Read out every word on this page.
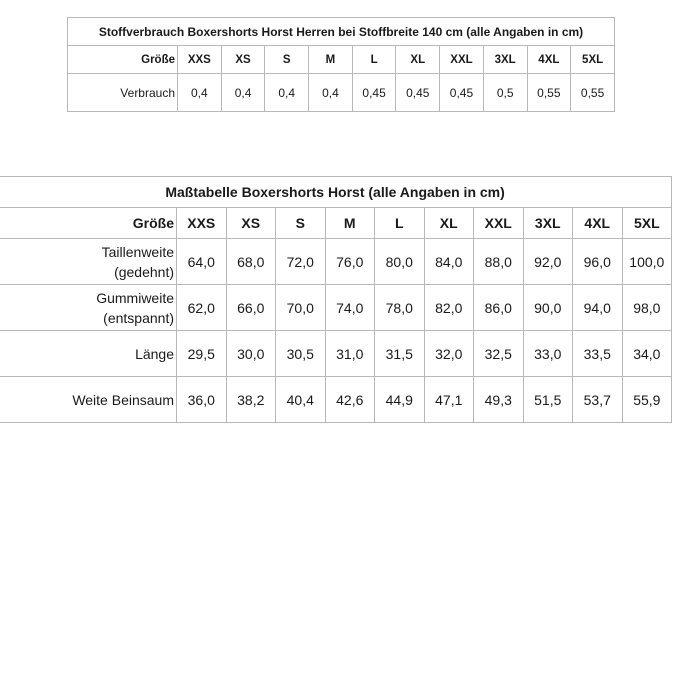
Stoffverbrauch Boxershorts Horst Herren bei Stoffbreite 140 cm (alle Angaben in cm)										
Größe	XXS	XS	S	M	L	XL	XXL	3XL	4XL	5XL
Verbrauch	0,4	0,4	0,4	0,4	0,45	0,45	0,45	0,5	0,55	0,55
Maßtabelle Boxershorts Horst (alle Angaben in cm)										
Größe	XXS	XS	S	M	L	XL	XXL	3XL	4XL	5XL

Taillenweite
(gedehnt)	64,0	68,0	72,0	76,0	80,0	84,0	88,0	92,0	96,0	100,0

Gummiweite
(entspannt)	62,0	66,0	70,0	74,0	78,0	82,0	86,0	90,0	94,0	98,0
Länge	29,5	30,0	30,5	31,0	31,5	32,0	32,5	33,0	33,5	34,0
Weite Beinsaum	36,0	38,2	40,4	42,6	44,9	47,1	49,3	51,5	53,7	55,9
